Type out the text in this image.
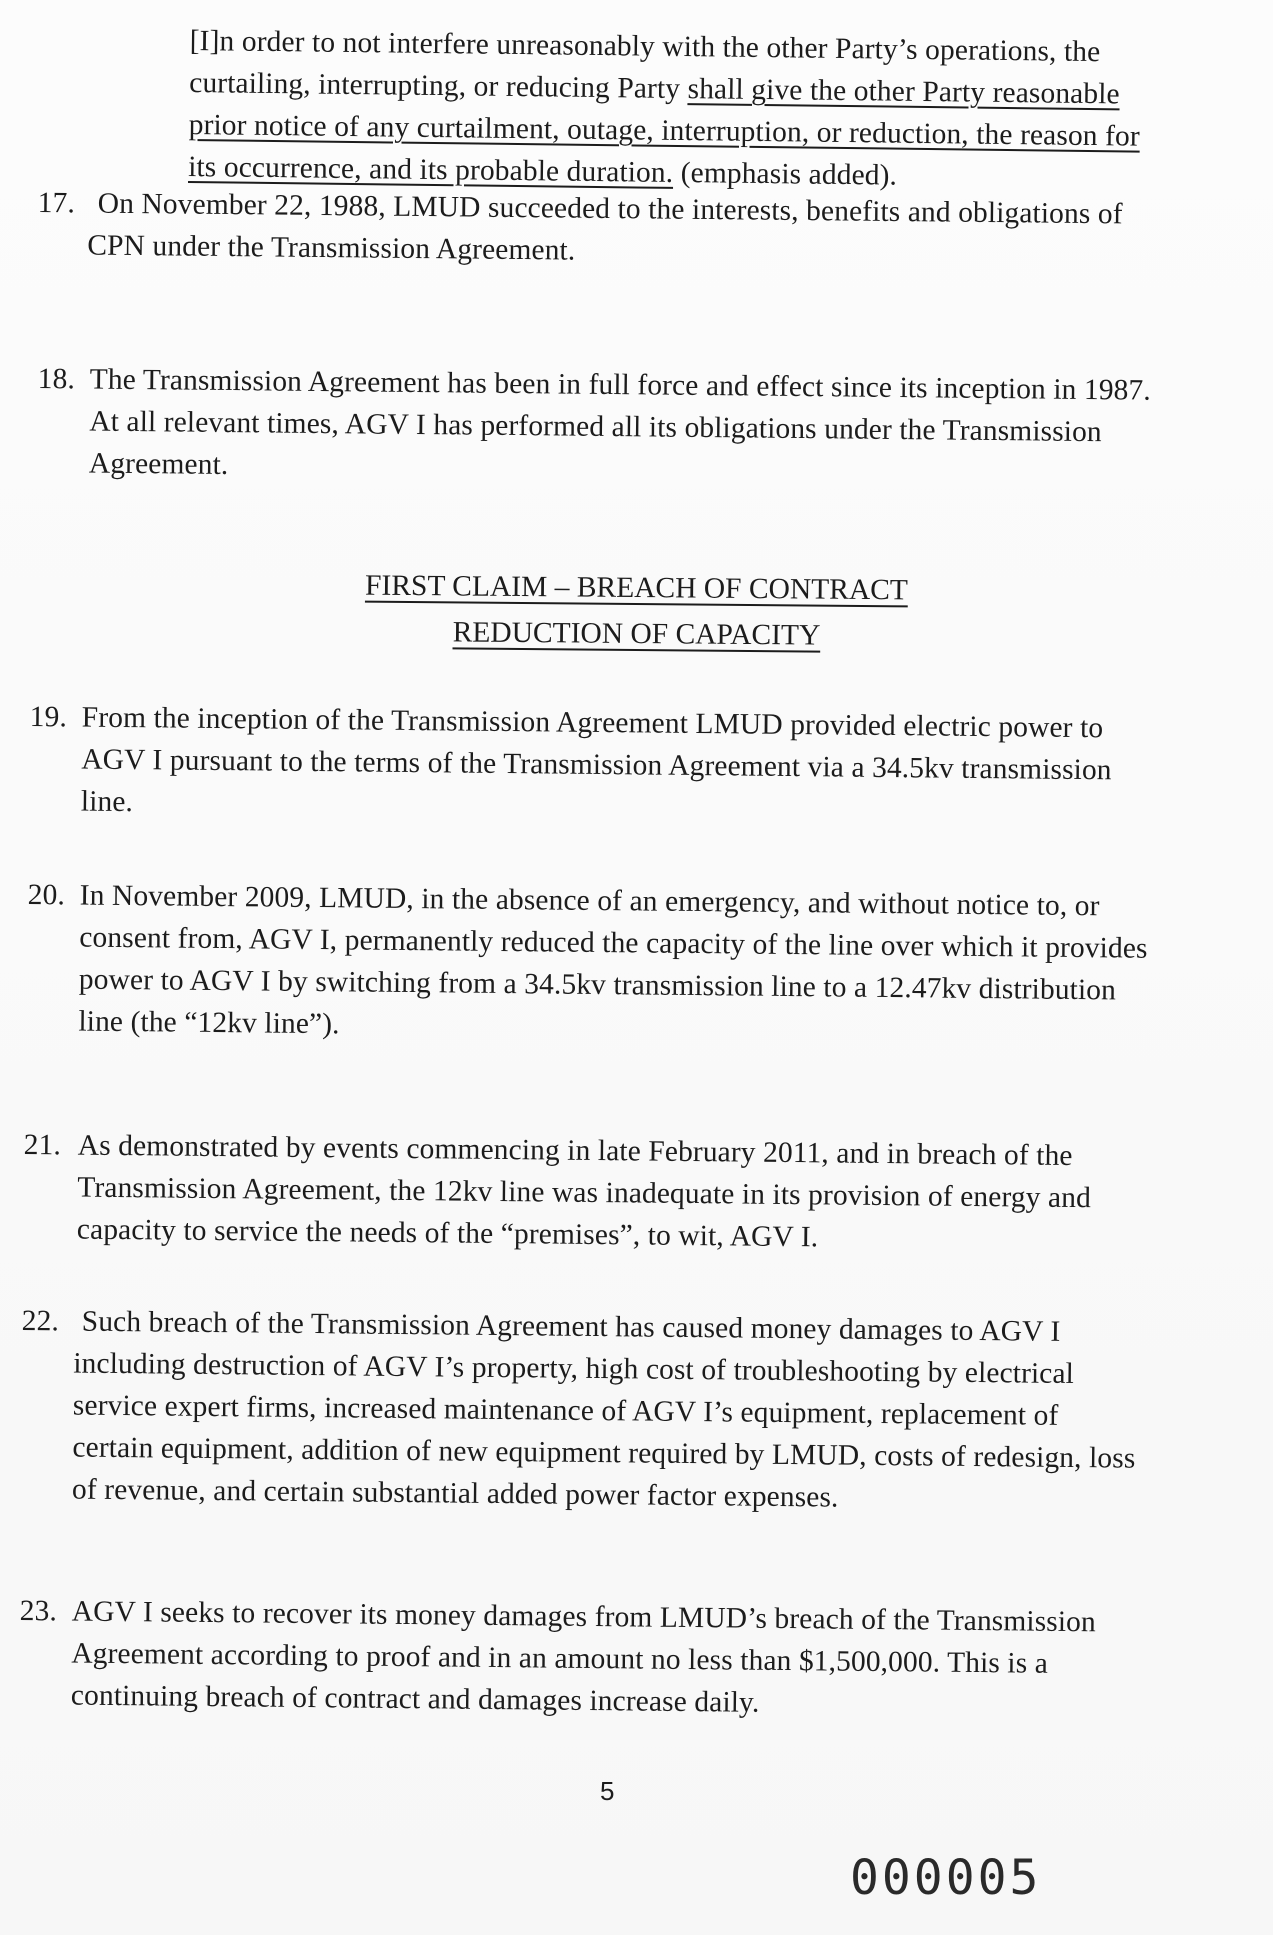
[I]n order to not interfere unreasonably with the other Party’s operations, the
curtailing, interrupting, or reducing Party shall give the other Party reasonable
prior notice of any curtailment, outage, interruption, or reduction, the reason for
its occurrence, and its probable duration. (emphasis added).
17. On November 22, 1988, LMUD succeeded to the interests, benefits and obligations of
CPN under the Transmission Agreement.
18. The Transmission Agreement has been in full force and effect since its inception in 1987.
At all relevant times, AGV I has performed all its obligations under the Transmission
Agreement.
FIRST CLAIM – BREACH OF CONTRACT
REDUCTION OF CAPACITY
19. From the inception of the Transmission Agreement LMUD provided electric power to
AGV I pursuant to the terms of the Transmission Agreement via a 34.5kv transmission
line.
20. In November 2009, LMUD, in the absence of an emergency, and without notice to, or
consent from, AGV I, permanently reduced the capacity of the line over which it provides
power to AGV I by switching from a 34.5kv transmission line to a 12.47kv distribution
line (the “12kv line”).
21. As demonstrated by events commencing in late February 2011, and in breach of the
Transmission Agreement, the 12kv line was inadequate in its provision of energy and
capacity to service the needs of the “premises”, to wit, AGV I.
22. Such breach of the Transmission Agreement has caused money damages to AGV I
including destruction of AGV I’s property, high cost of troubleshooting by electrical
service expert firms, increased maintenance of AGV I’s equipment, replacement of
certain equipment, addition of new equipment required by LMUD, costs of redesign, loss
of revenue, and certain substantial added power factor expenses.
23. AGV I seeks to recover its money damages from LMUD’s breach of the Transmission
Agreement according to proof and in an amount no less than $1,500,000. This is a
continuing breach of contract and damages increase daily.
5
000005
